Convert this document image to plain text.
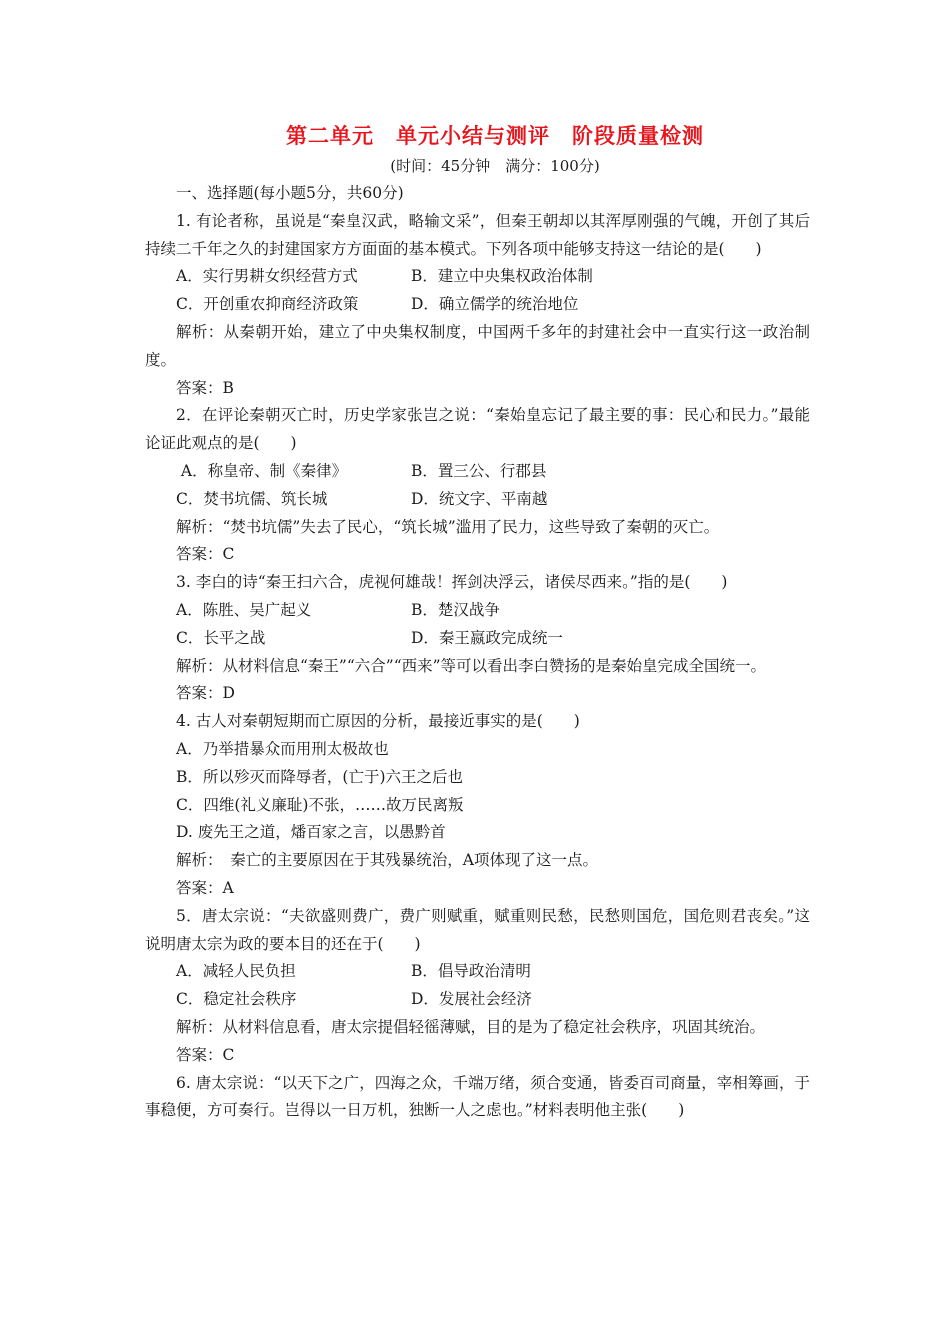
第二单元　单元小结与测评　阶段质量检测
(时间：45分钟　满分：100分)

一、选择题(每小题5分，共60分)

1. 有论者称，虽说是“秦皇汉武，略输文采”，但秦王朝却以其浑厚刚强的气魄，开创了其后持续二千年之久的封建国家方方面面的基本模式。下列各项中能够支持这一结论的是(　　)

A．实行男耕女织经营方式	B．建立中央集权政治体制
C．开创重农抑商经济政策	D．确立儒学的统治地位

解析：从秦朝开始，建立了中央集权制度，中国两千多年的封建社会中一直实行这一政治制度。

答案：B

2．在评论秦朝灭亡时，历史学家张岂之说：“秦始皇忘记了最主要的事：民心和民力。”最能论证此观点的是(　　)

A．称皇帝、制《秦律》	B．置三公、行郡县
C．焚书坑儒、筑长城	D．统文字、平南越

解析：“焚书坑儒”失去了民心，“筑长城”滥用了民力，这些导致了秦朝的灭亡。

答案：C

3. 李白的诗“秦王扫六合，虎视何雄哉！挥剑决浮云，诸侯尽西来。”指的是(　　)

A．陈胜、吴广起义	B．楚汉战争
C．长平之战	D．秦王嬴政完成统一

解析：从材料信息“秦王”“六合”“西来”等可以看出李白赞扬的是秦始皇完成全国统一。

答案：D

4. 古人对秦朝短期而亡原因的分析，最接近事实的是(　　)

A．乃举措暴众而用刑太极故也

B．所以殄灭而降辱者，(亡于)六王之后也

C．四维(礼义廉耻)不张，……故万民离叛

D. 废先王之道，燔百家之言，以愚黔首

解析：　秦亡的主要原因在于其残暴统治，A项体现了这一点。

答案：A

5．唐太宗说：“夫欲盛则费广，费广则赋重，赋重则民愁，民愁则国危，国危则君丧矣。”这说明唐太宗为政的要本目的还在于(　　)

A．减轻人民负担	B．倡导政治清明
C．稳定社会秩序	D．发展社会经济

解析：从材料信息看，唐太宗提倡轻徭薄赋，目的是为了稳定社会秩序，巩固其统治。

答案：C

6. 唐太宗说：“以天下之广，四海之众，千端万绪，须合变通，皆委百司商量，宰相筹画，于事稳便，方可奏行。岂得以一日万机，独断一人之虑也。”材料表明他主张(　　)
